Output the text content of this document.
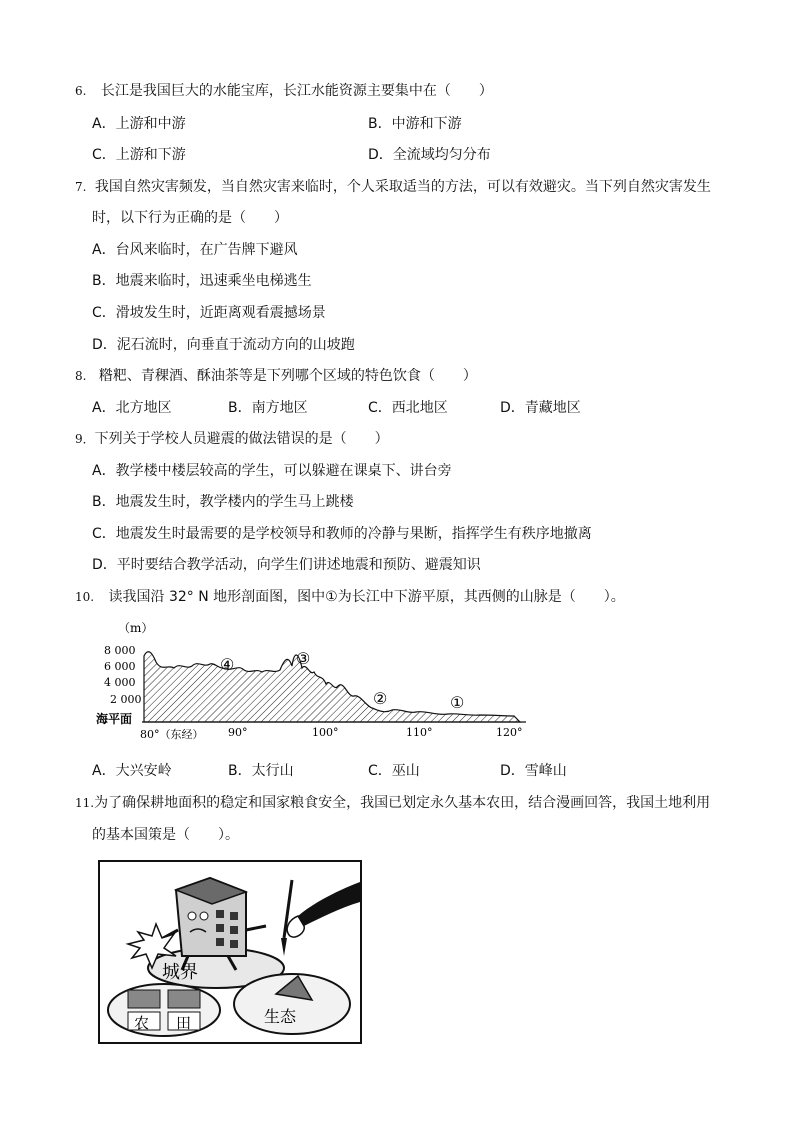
6. 长江是我国巨大的水能宝库，长江水能资源主要集中在（　　）
A．上游和中游	B．中游和下游
C．上游和下游	D．全流域均匀分布
7. 我国自然灾害频发，当自然灾害来临时，个人采取适当的方法，可以有效避灾。当下列自然灾害发生
时，以下行为正确的是（　　）
A．台风来临时，在广告牌下避风
B．地震来临时，迅速乘坐电梯逃生
C．滑坡发生时，近距离观看震撼场景
D．泥石流时，向垂直于流动方向的山坡跑
8. 糌粑、青稞酒、酥油茶等是下列哪个区域的特色饮食（　　）
A．北方地区	B．南方地区	C．西北地区	D．青藏地区
9．下列关于学校人员避震的做法错误的是（　　）
A．教学楼中楼层较高的学生，可以躲避在课桌下、讲台旁
B．地震发生时，教学楼内的学生马上跳楼
C．地震发生时最需要的是学校领导和教师的冷静与果断，指挥学生有秩序地撤离
D．平时要结合教学活动，向学生们讲述地震和预防、避震知识
10. 读我国沿 32° N 地形剖面图，图中①为长江中下游平原，其西侧的山脉是（　　）。
（m）
8 000
6 000
4 000
2 000
海平面
④	③
②	①
80°（东经） 90°	100°	110°	120°
A．大兴安岭	B．太行山	C．巫山	D．雪峰山
11.为了确保耕地面积的稳定和国家粮食安全，我国已划定永久基本农田，结合漫画回答，我国土地利用
的基本国策是（　　）。
城界
农 田	生态
